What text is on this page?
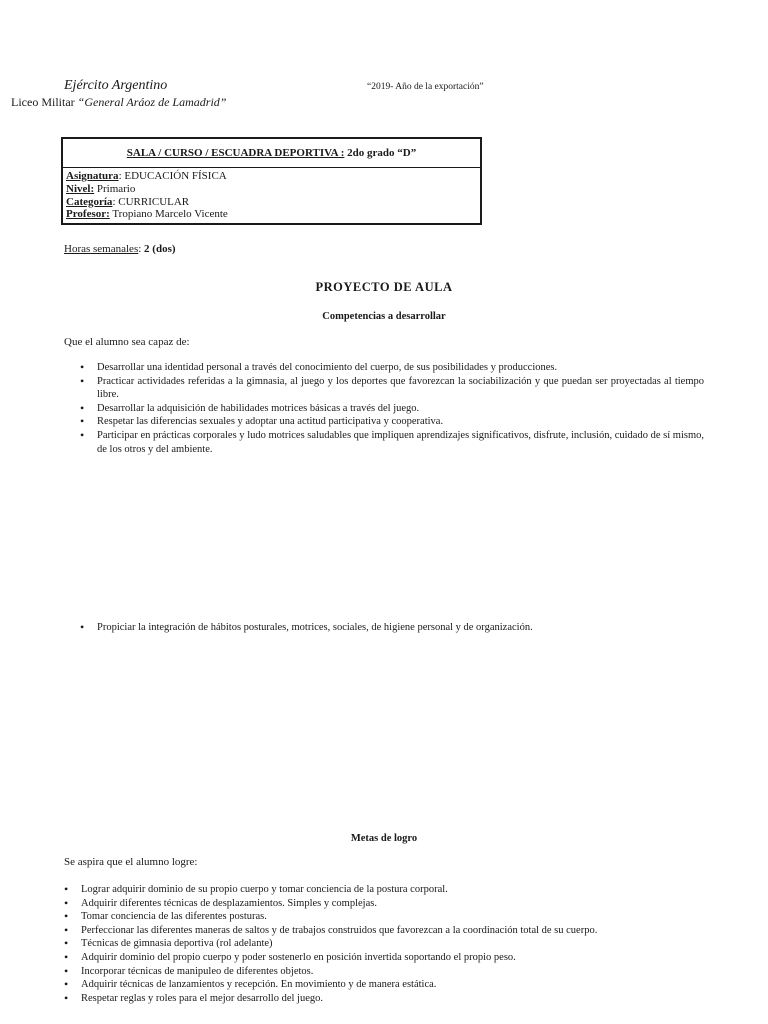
Ejército Argentino
Liceo Militar “General Aráoz de Lamadrid”
“2019- Año de la exportación”
SALA / CURSO / ESCUADRA DEPORTIVA : 2do grado “D”
Asignatura: EDUCACIÓN FÍSICA
Nivel: Primario
Categoría: CURRICULAR
Profesor: Tropiano Marcelo Vicente
Horas semanales: 2 (dos)
PROYECTO DE AULA
Competencias a desarrollar
Que el alumno sea capaz de:
• Desarrollar una identidad personal a través del conocimiento del cuerpo, de sus posibilidades y producciones.
• Practicar actividades referidas a la gimnasia, al juego y los deportes que favorezcan la sociabilización y que puedan ser proyectadas al tiempo libre.
• Desarrollar la adquisición de habilidades motrices básicas a través del juego.
• Respetar las diferencias sexuales y adoptar una actitud participativa y cooperativa.
• Participar en prácticas corporales y ludo motrices saludables que impliquen aprendizajes significativos, disfrute, inclusión, cuidado de sí mismo, de los otros y del ambiente.
• Propiciar la integración de hábitos posturales, motrices, sociales, de higiene personal y de organización.
Metas de logro
Se aspira que el alumno logre:
• Lograr adquirir dominio de su propio cuerpo y tomar conciencia de la postura corporal.
• Adquirir diferentes técnicas de desplazamientos. Simples y complejas.
• Tomar conciencia de las diferentes posturas.
• Perfeccionar las diferentes maneras de saltos y de trabajos construidos que favorezcan a la coordinación total de su cuerpo.
• Técnicas de gimnasia deportiva (rol adelante)
• Adquirir dominio del propio cuerpo y poder sostenerlo en posición invertida soportando el propio peso.
• Incorporar técnicas de manipuleo de diferentes objetos.
• Adquirir técnicas de lanzamientos y recepción. En movimiento y de manera estática.
• Respetar reglas y roles para el mejor desarrollo del juego.
